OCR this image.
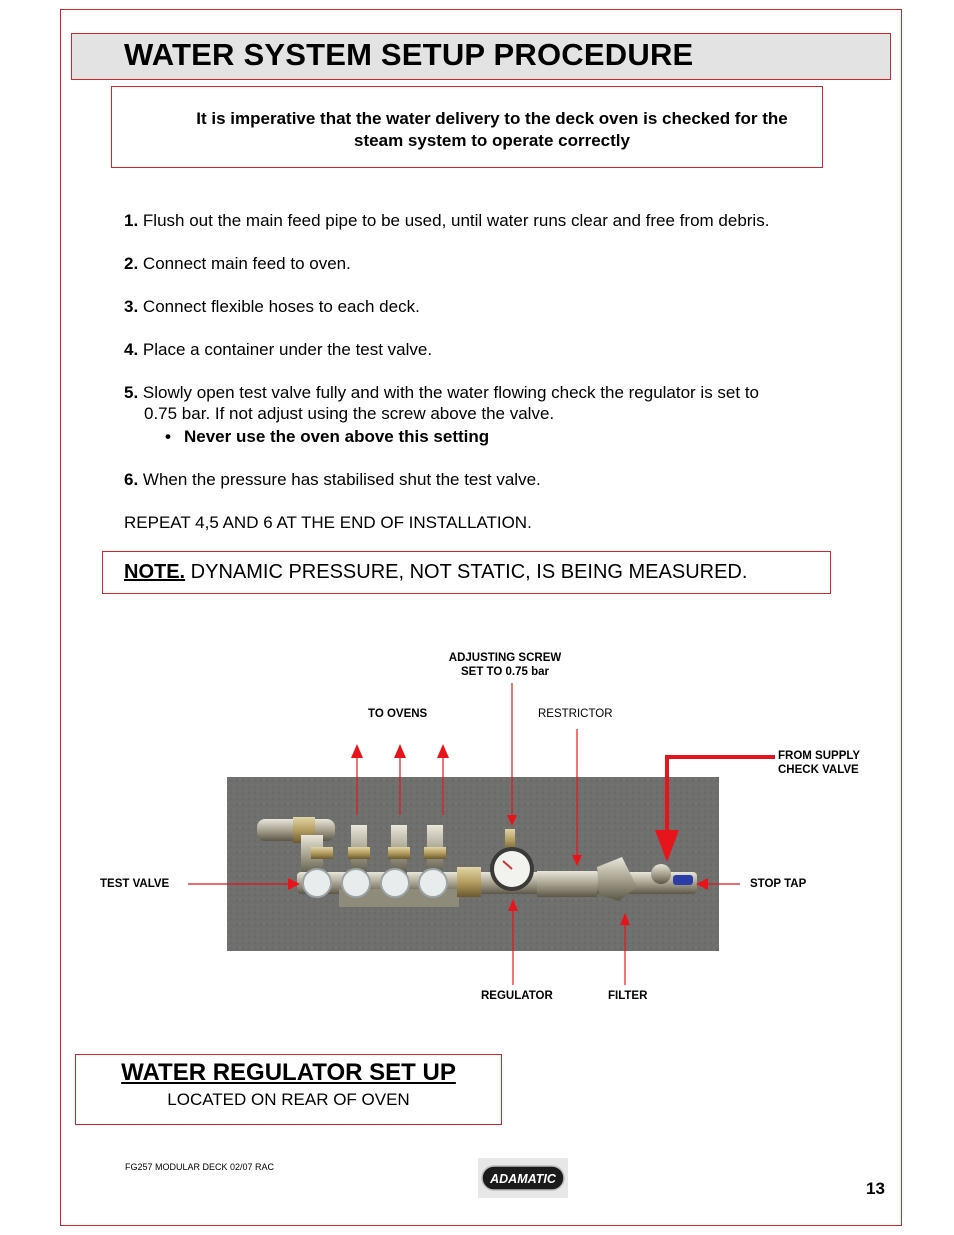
WATER SYSTEM SETUP PROCEDURE
It is imperative that the water delivery to the deck oven is checked for the
steam system to operate correctly
1. Flush out the main feed pipe to be used, until water runs clear and free from debris.
2. Connect main feed to oven.
3. Connect flexible hoses to each deck.
4. Place a container under the test valve.
5. Slowly open test valve fully and with the water flowing check the regulator is set to
0.75 bar. If not adjust using the screw above the valve.
• Never use the oven above this setting
6. When the pressure has stabilised shut the test valve.
REPEAT 4,5 AND 6 AT THE END OF INSTALLATION.
NOTE. DYNAMIC PRESSURE, NOT STATIC, IS BEING MEASURED.
ADJUSTING SCREW
SET TO 0.75 bar
TO OVENS	RESTRICTOR
FROM SUPPLY
CHECK VALVE
TEST VALVE	STOP TAP
REGULATOR	FILTER
WATER REGULATOR SET UP
LOCATED ON REAR OF OVEN
FG257 MODULAR DECK 02/07 RAC
ADAMATIC	13
